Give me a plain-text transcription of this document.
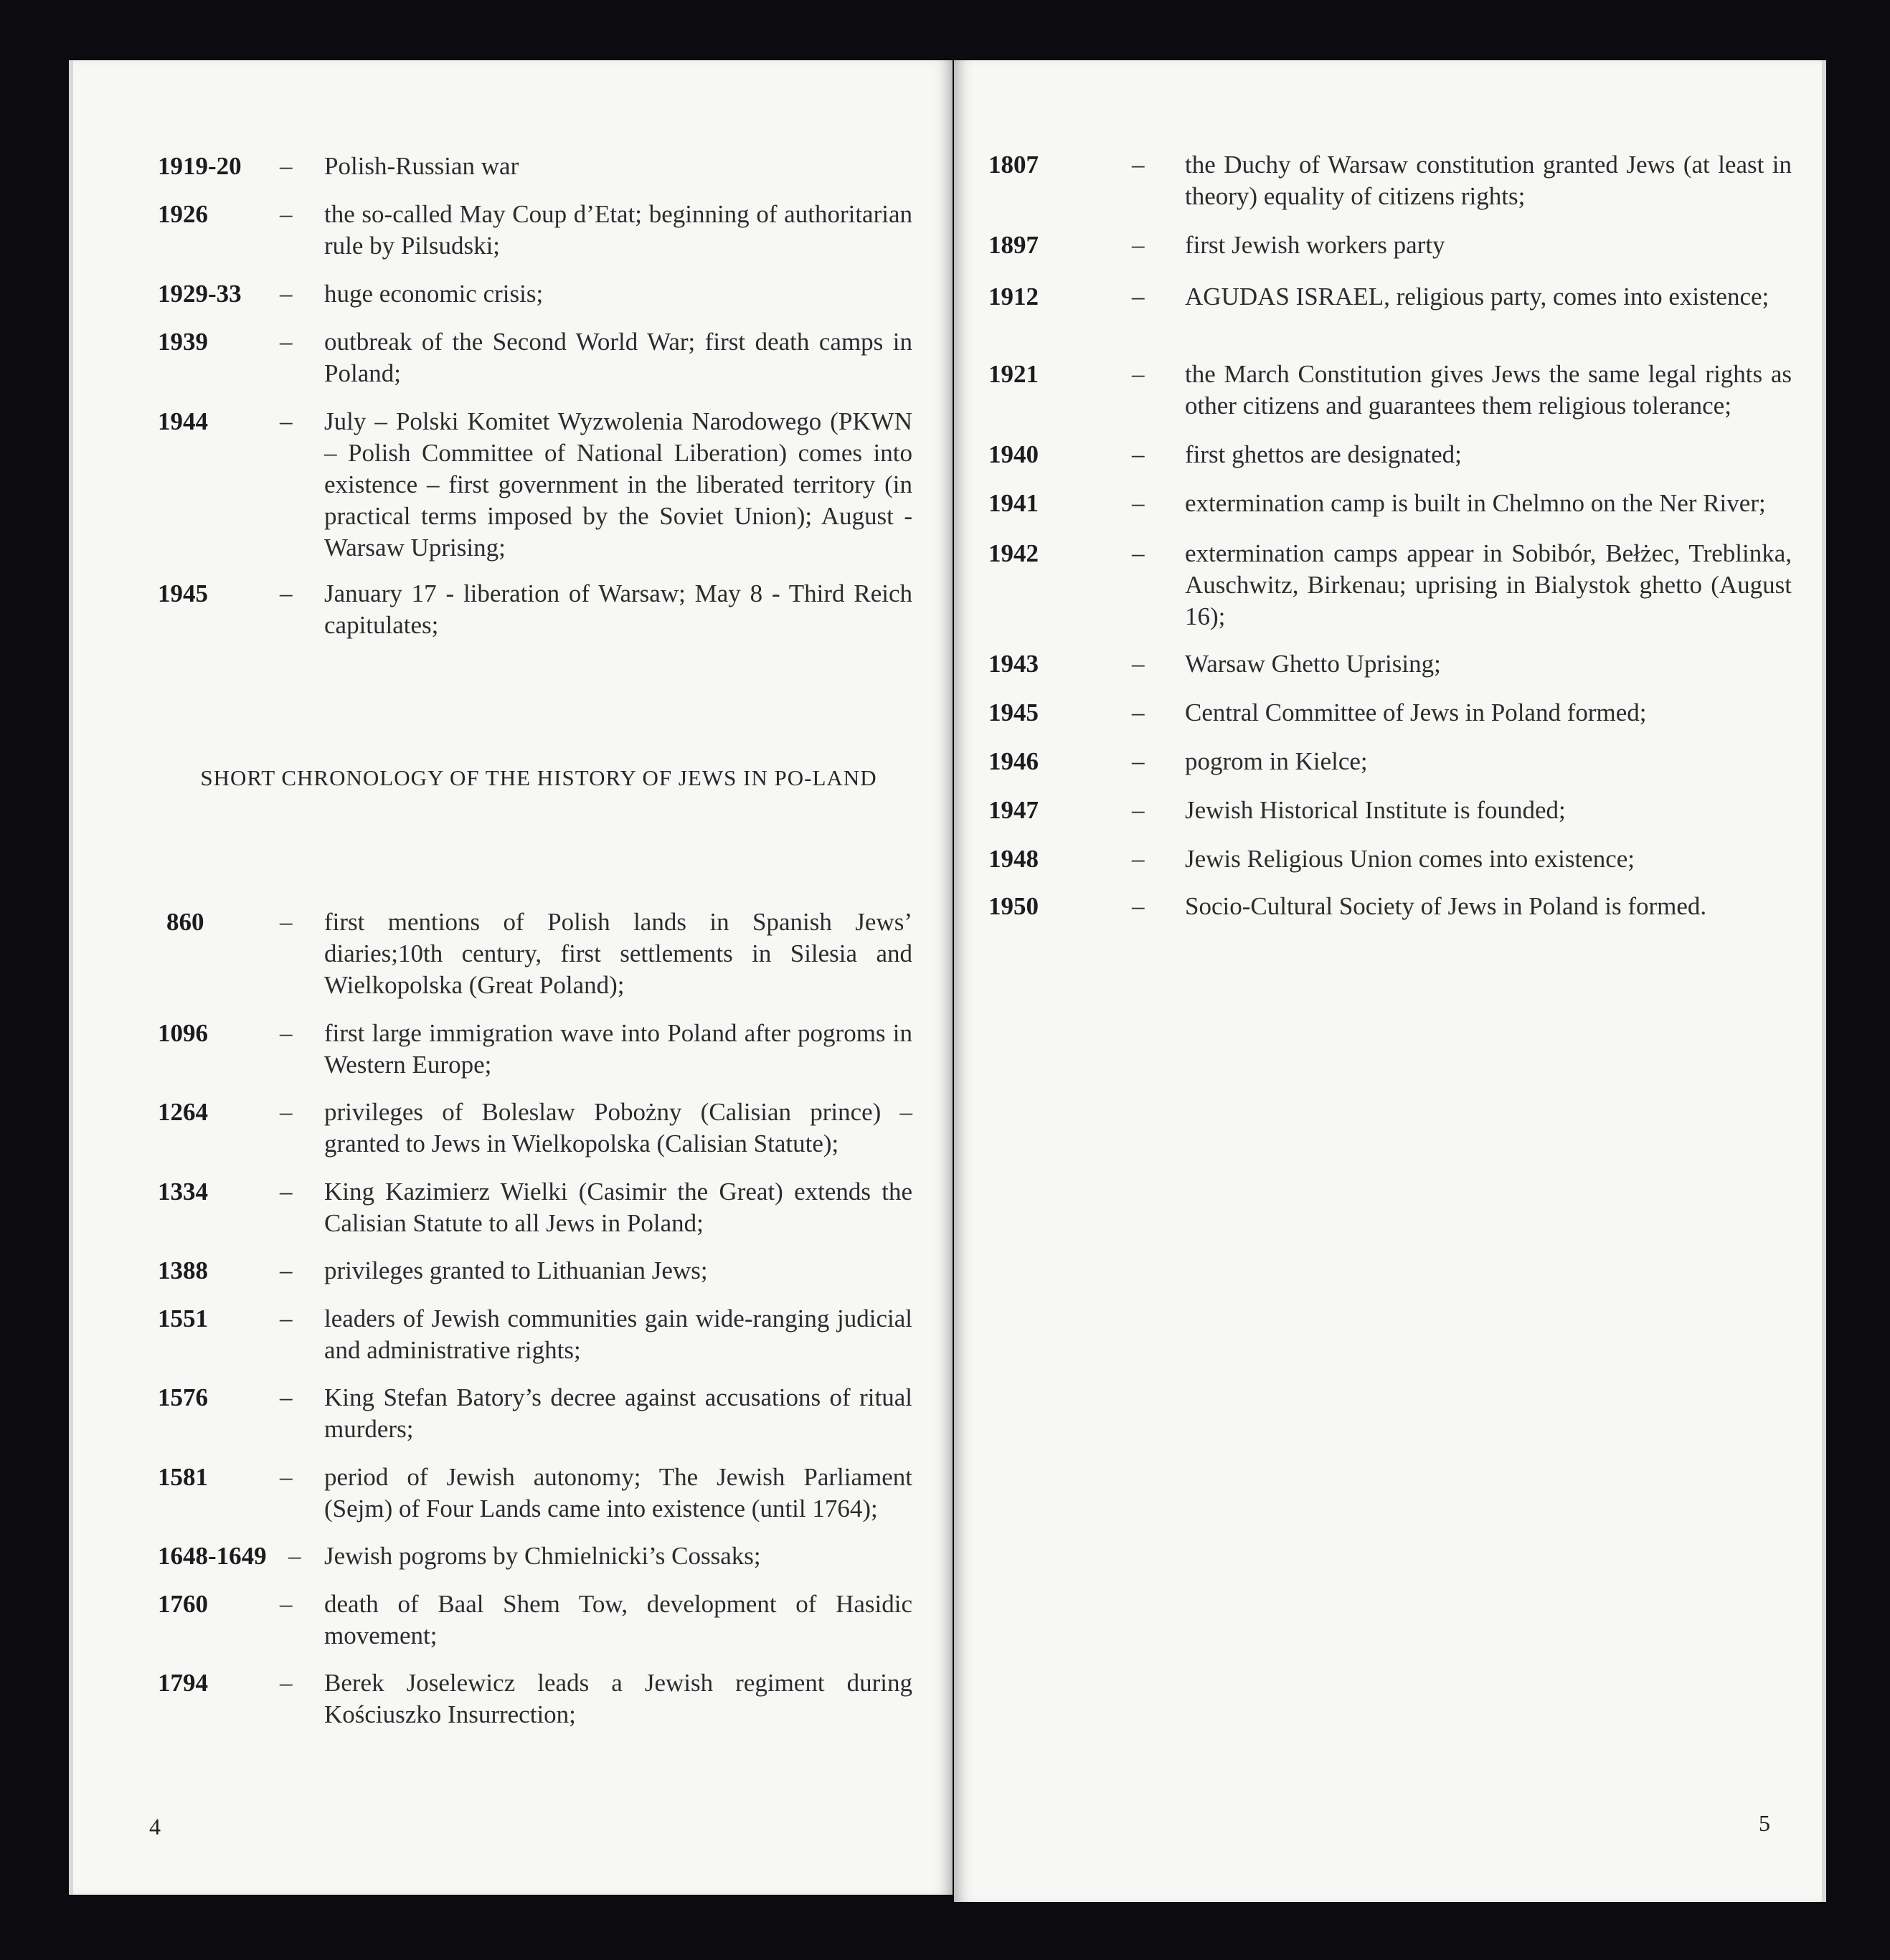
1919-20 – Polish-Russian war
1926	– the so-called May Coup d’Etat; beginning of authoritarian rule by Pilsudski;
1929-33 – huge economic crisis;
1939	– outbreak of the Second World War; first death camps in Poland;
1944	– July – Polski Komitet Wyzwolenia Narodowego (PKWN – Polish Committee of National Liberation) comes into existence – first government in the liberated territory (in practical terms imposed by the Soviet Union); August - Warsaw Uprising;
1945	– January 17 - liberation of Warsaw; May 8 - Third Reich capitulates;
SHORT CHRONOLOGY OF THE HISTORY OF JEWS IN PO-LAND
860	– first mentions of Polish lands in Spanish Jews’ diaries;10th century, first settlements in Silesia and Wielkopolska (Great Poland);
1096	– first large immigration wave into Poland after pogroms in Western Europe;
1264	– privileges of Boleslaw Pobożny (Calisian prince) – granted to Jews in Wielkopolska (Calisian Statute);
1334	– King Kazimierz Wielki (Casimir the Great) extends the Calisian Statute to all Jews in Poland;
1388	– privileges granted to Lithuanian Jews;
1551	– leaders of Jewish communities gain wide-ranging judicial and administrative rights;
1576	– King Stefan Batory’s decree against accusations of ritual murders;
1581	– period of Jewish autonomy; The Jewish Parliament (Sejm) of Four Lands came into existence (until 1764);
1648-1649 – Jewish pogroms by Chmielnicki’s Cossaks;
1760	– death of Baal Shem Tow, development of Hasidic movement;
1794	– Berek Joselewicz leads a Jewish regiment during Kościuszko Insurrection;
4
1807	– the Duchy of Warsaw constitution granted Jews (at least in theory) equality of citizens rights;
1897	– first Jewish workers party
1912	– AGUDAS ISRAEL, religious party, comes into existence;
1921	– the March Constitution gives Jews the same legal rights as other citizens and guarantees them religious tolerance;
1940	– first ghettos are designated;
1941	– extermination camp is built in Chelmno on the Ner River;
1942	– extermination camps appear in Sobibór, Bełżec, Treblinka, Auschwitz, Birkenau; uprising in Bialystok ghetto (August 16);
1943	– Warsaw Ghetto Uprising;
1945	– Central Committee of Jews in Poland formed;
1946	– pogrom in Kielce;
1947	– Jewish Historical Institute is founded;
1948	– Jewis Religious Union comes into existence;
1950	– Socio-Cultural Society of Jews in Poland is formed.
5
